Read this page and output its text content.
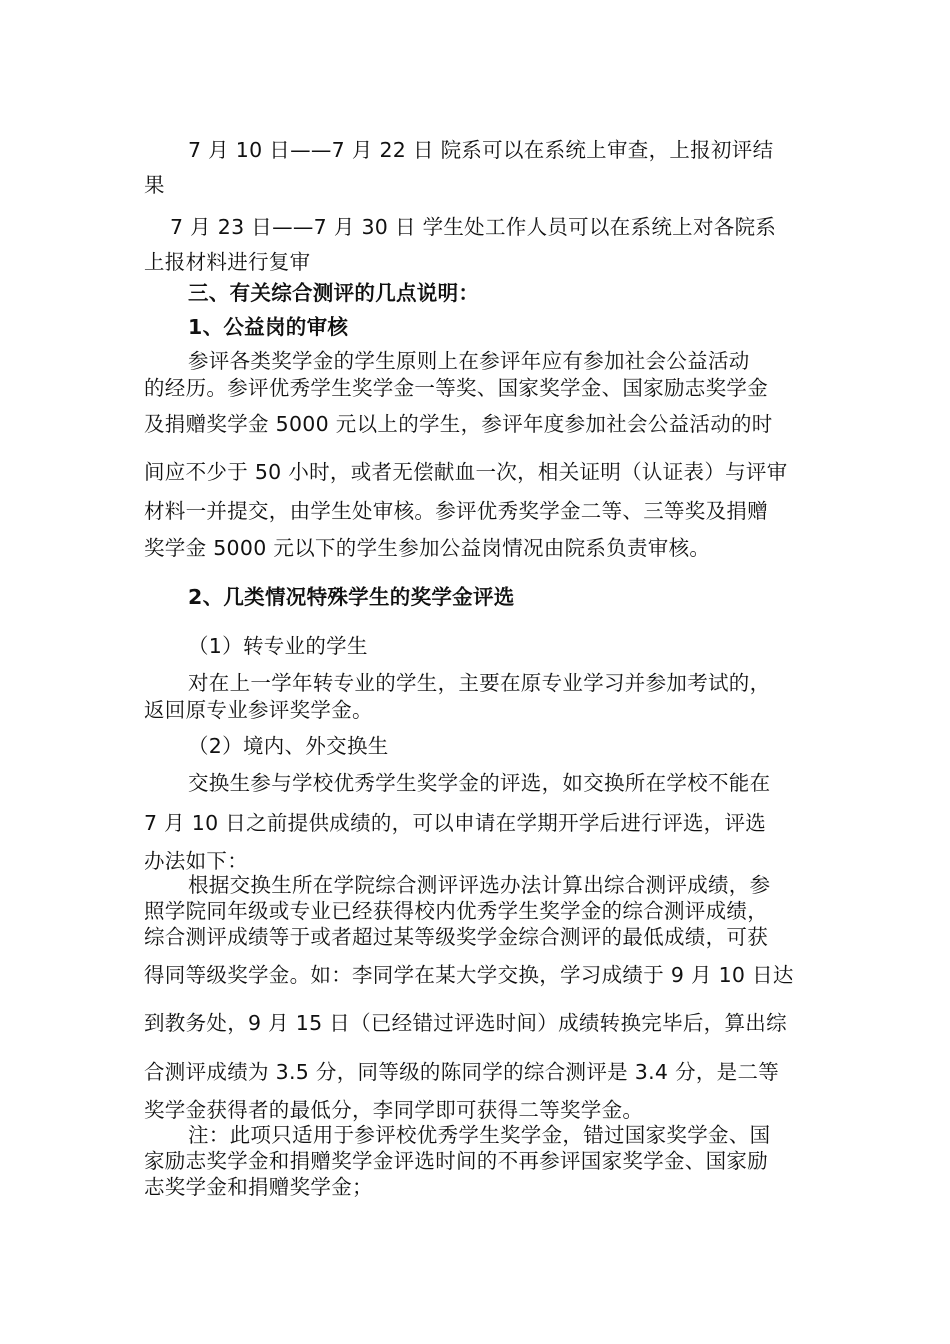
7 月 10 日——7 月 22 日 院系可以在系统上审查，上报初评结
果
7 月 23 日——7 月 30 日 学生处工作人员可以在系统上对各院系
上报材料进行复审
三、有关综合测评的几点说明：
1、公益岗的审核
参评各类奖学金的学生原则上在参评年应有参加社会公益活动
的经历。参评优秀学生奖学金一等奖、国家奖学金、国家励志奖学金
及捐赠奖学金 5000 元以上的学生，参评年度参加社会公益活动的时
间应不少于 50 小时，或者无偿献血一次，相关证明（认证表）与评审
材料一并提交，由学生处审核。参评优秀奖学金二等、三等奖及捐赠
奖学金 5000 元以下的学生参加公益岗情况由院系负责审核。
2、几类情况特殊学生的奖学金评选
（1）转专业的学生
对在上一学年转专业的学生，主要在原专业学习并参加考试的，
返回原专业参评奖学金。
（2）境内、外交换生
交换生参与学校优秀学生奖学金的评选，如交换所在学校不能在
7 月 10 日之前提供成绩的，可以申请在学期开学后进行评选，评选
办法如下：
根据交换生所在学院综合测评评选办法计算出综合测评成绩，参
照学院同年级或专业已经获得校内优秀学生奖学金的综合测评成绩，
综合测评成绩等于或者超过某等级奖学金综合测评的最低成绩，可获
得同等级奖学金。如：李同学在某大学交换，学习成绩于 9 月 10 日达
到教务处，9 月 15 日（已经错过评选时间）成绩转换完毕后，算出综
合测评成绩为 3.5 分，同等级的陈同学的综合测评是 3.4 分，是二等
奖学金获得者的最低分，李同学即可获得二等奖学金。
注：此项只适用于参评校优秀学生奖学金，错过国家奖学金、国
家励志奖学金和捐赠奖学金评选时间的不再参评国家奖学金、国家励
志奖学金和捐赠奖学金；
